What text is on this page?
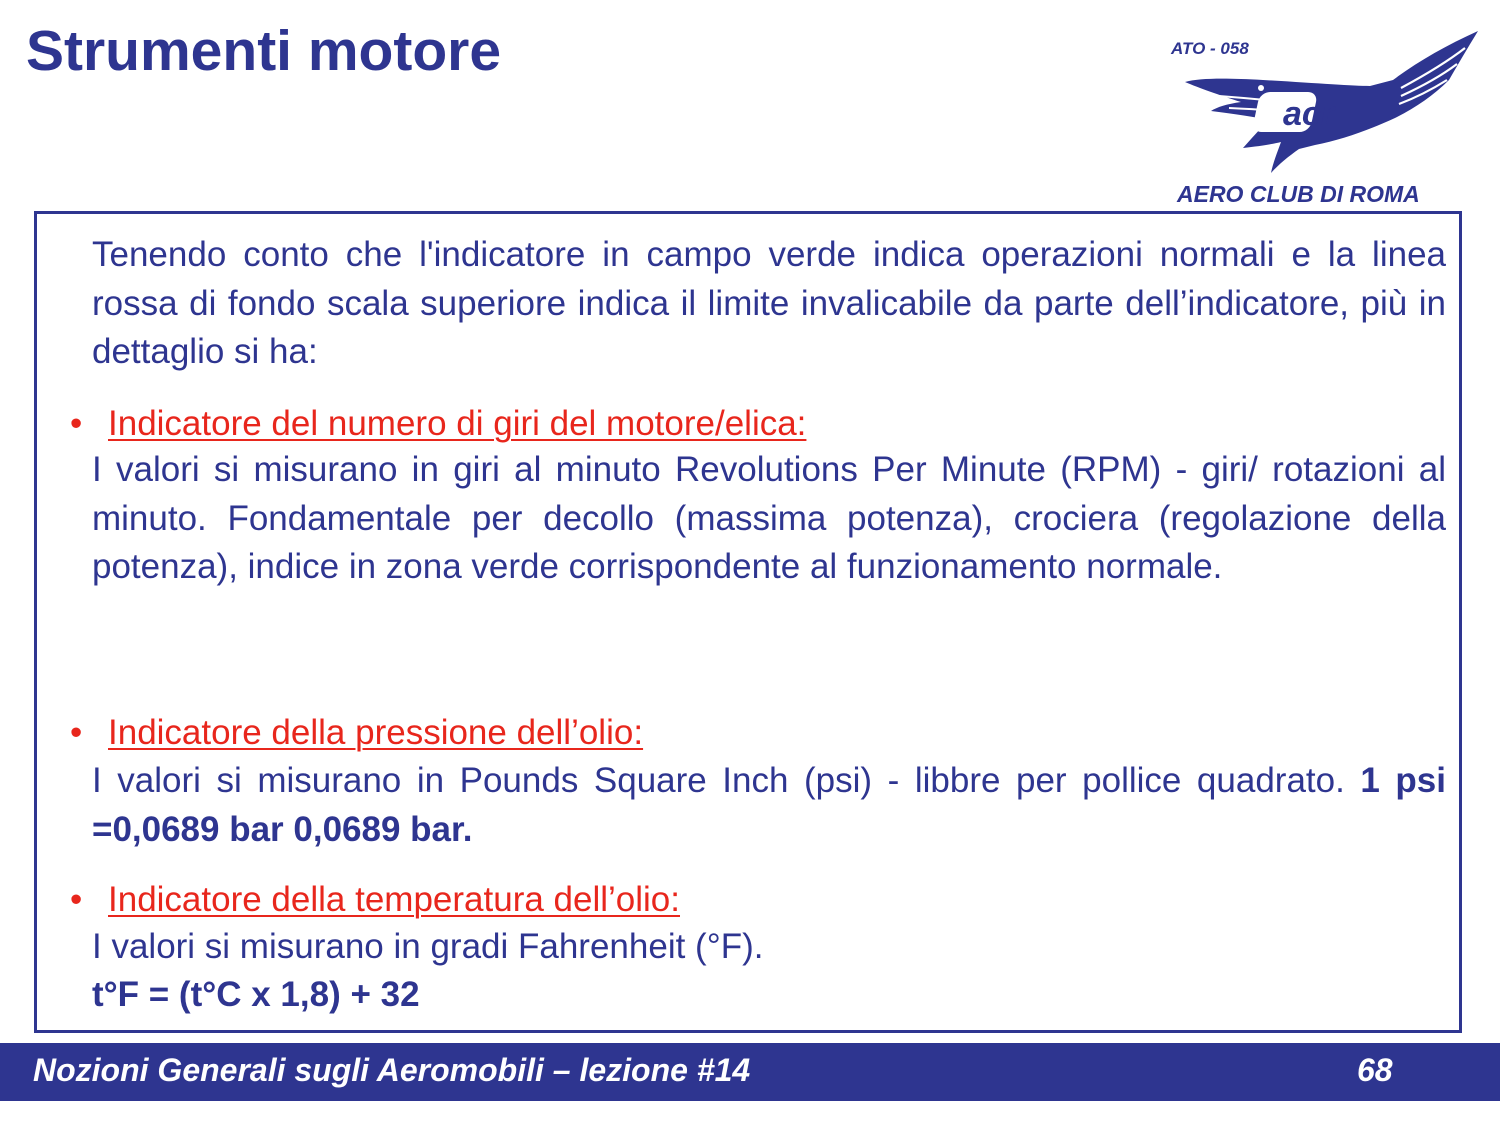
Strumenti motore
acr
ATO - 058
AERO CLUB DI ROMA
Tenendo conto che l'indicatore in campo verde indica operazioni normali e la linea rossa di fondo scala superiore indica il limite invalicabile da parte dell’indicatore, più in dettaglio si ha:
• Indicatore del numero di giri del motore/elica:
I valori si misurano in giri al minuto Revolutions Per Minute (RPM) - giri/ rotazioni al minuto. Fondamentale per decollo (massima potenza), crociera (regolazione della potenza), indice in zona verde corrispondente al funzionamento normale.
• Indicatore della pressione dell’olio:
I valori si misurano in Pounds Square Inch (psi) - libbre per pollice quadrato. 1 psi =0,0689 bar 0,0689 bar.
• Indicatore della temperatura dell’olio:
I valori si misurano in gradi Fahrenheit (°F).
t°F = (t°C x 1,8) + 32
Nozioni Generali sugli Aeromobili – lezione #14	68
